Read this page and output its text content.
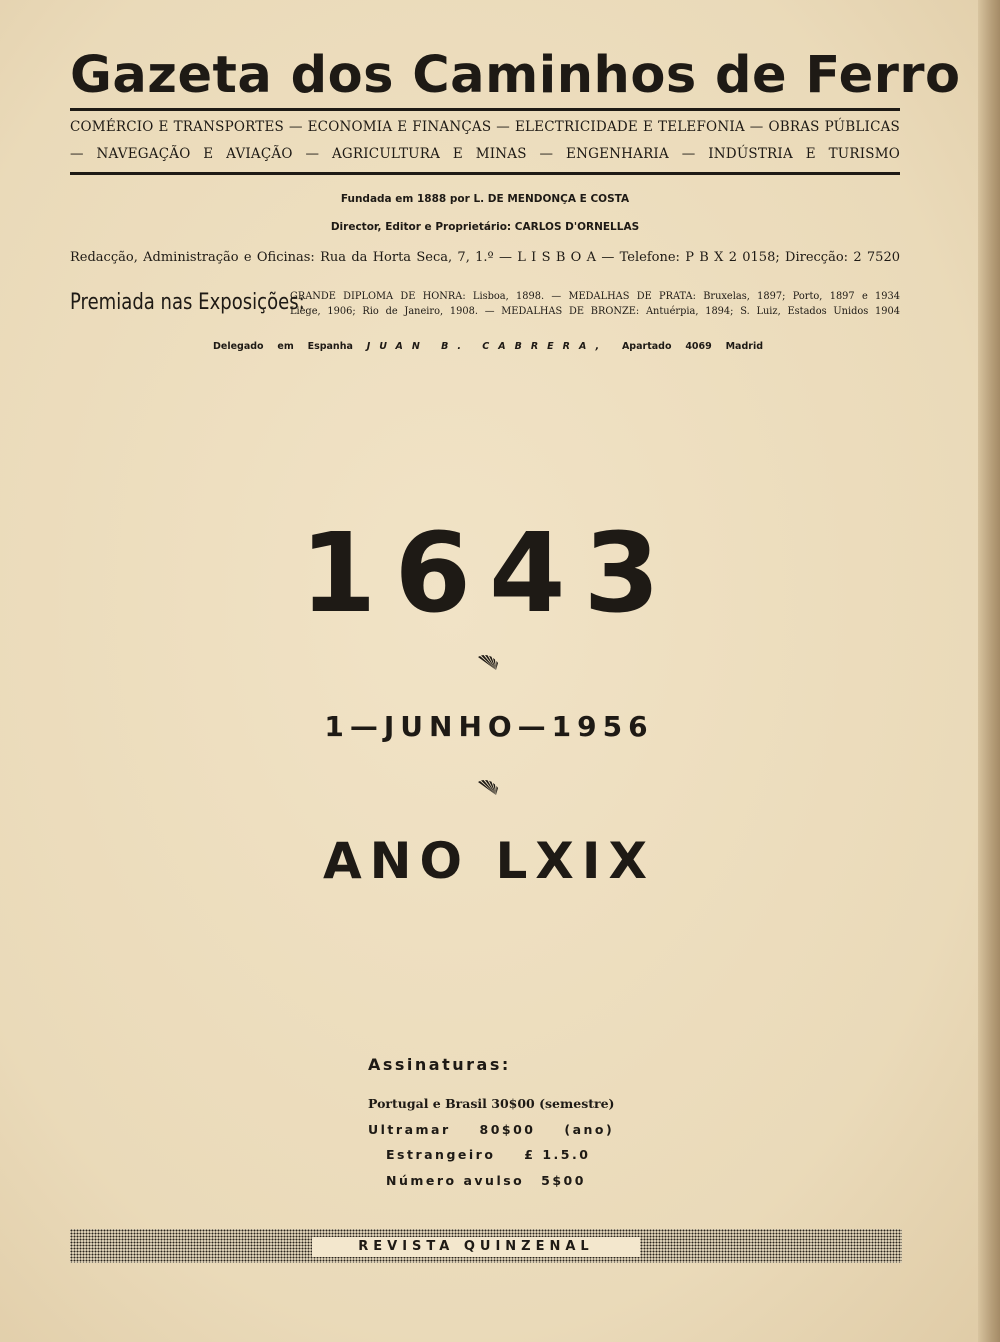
Gazeta dos Caminhos de Ferro
COMÉRCIO E TRANSPORTES — ECONOMIA E FINANÇAS — ELECTRICIDADE E TELEFONIA — OBRAS PÚBLICAS
— NAVEGAÇÃO E AVIAÇÃO — AGRICULTURA E MINAS — ENGENHARIA — INDÚSTRIA E TURISMO
Fundada em 1888 por L. DE MENDONÇA E COSTA
Director, Editor e Proprietário: CARLOS D'ORNELLAS
Redacção, Administração e Oficinas: Rua da Horta Seca, 7, 1.º — L I S B O A — Telefone: P B X 2 0158; Direcção: 2 7520
Premiada nas Exposições:
GRANDE DIPLOMA DE HONRA: Lisboa, 1898. — MEDALHAS DE PRATA: Bruxelas, 1897; Porto, 1897 e 1934
Liège, 1906; Rio de Janeiro, 1908. — MEDALHAS DE BRONZE: Antuérpia, 1894; S. Luiz, Estados Unidos 1904
Delegado em Espanha JUAN B. CABRERA, Apartado 4069 Madrid
1643
1—JUNHO—1956
ANO LXIX
Assinaturas:
Portugal e Brasil 30$00 (semestre)
Ultramar 80$00 (ano)
Estrangeiro £ 1.5.0
Número avulso 5$00
REVISTA QUINZENAL
